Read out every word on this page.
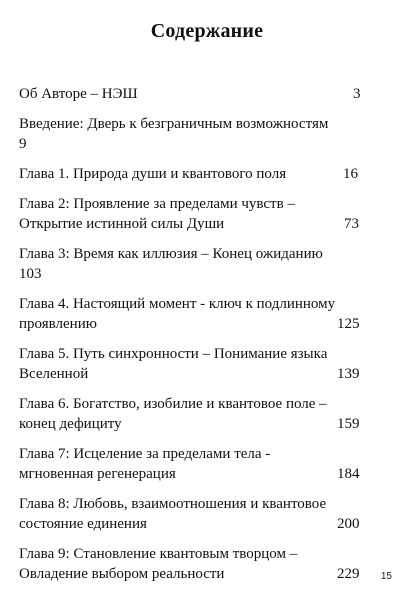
Содержание
Об Авторе – НЭШ	3
Введение: Дверь к безграничным возможностям
9
Глава 1. Природа души и квантового поля	16
Глава 2: Проявление за пределами чувств –
Открытие истинной силы Души	73
Глава 3: Время как иллюзия – Конец ожиданию
103
Глава 4. Настоящий момент - ключ к подлинному
проявлению	125
Глава 5. Путь синхронности – Понимание языка
Вселенной	139
Глава 6. Богатство, изобилие и квантовое поле –
конец дефициту	159
Глава 7: Исцеление за пределами тела -
мгновенная регенерация	184
Глава 8: Любовь, взаимоотношения и квантовое
состояние единения	200
Глава 9: Становление квантовым творцом –
Овладение выбором реальности	229 15
